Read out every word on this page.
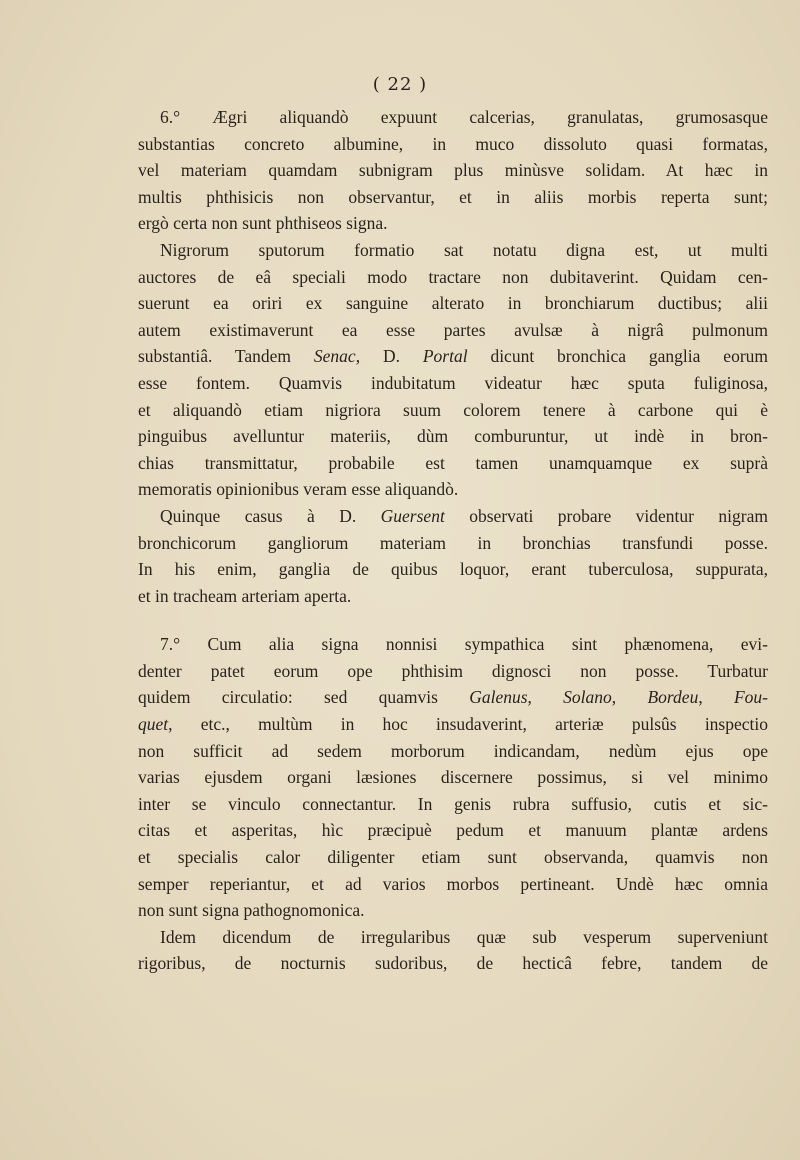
( 22 )
6.° Ægri aliquandò expuunt calcerias, granulatas, grumosasque
substantias concreto albumine, in muco dissoluto quasi formatas,
vel materiam quamdam subnigram plus minùsve solidam. At hæc in
multis phthisicis non observantur, et in aliis morbis reperta sunt;
ergò certa non sunt phthiseos signa.
Nigrorum sputorum formatio sat notatu digna est, ut multi
auctores de eâ speciali modo tractare non dubitaverint. Quidam cen-
suerunt ea oriri ex sanguine alterato in bronchiarum ductibus; alii
autem existimaverunt ea esse partes avulsæ à nigrâ pulmonum
substantiâ. Tandem Senac, D. Portal dicunt bronchica ganglia eorum
esse fontem. Quamvis indubitatum videatur hæc sputa fuliginosa,
et aliquandò etiam nigriora suum colorem tenere à carbone qui è
pinguibus avelluntur materiis, dùm comburuntur, ut indè in bron-
chias transmittatur, probabile est tamen unamquamque ex suprà
memoratis opinionibus veram esse aliquandò.
Quinque casus à D. Guersent observati probare videntur nigram
bronchicorum gangliorum materiam in bronchias transfundi posse.
In his enim, ganglia de quibus loquor, erant tuberculosa, suppurata,
et in tracheam arteriam aperta.
7.° Cum alia signa nonnisi sympathica sint phænomena, evi-
denter patet eorum ope phthisim dignosci non posse. Turbatur
quidem circulatio: sed quamvis Galenus, Solano, Bordeu, Fou-
quet, etc., multùm in hoc insudaverint, arteriæ pulsûs inspectio
non sufficit ad sedem morborum indicandam, nedùm ejus ope
varias ejusdem organi læsiones discernere possimus, si vel minimo
inter se vinculo connectantur. In genis rubra suffusio, cutis et sic-
citas et asperitas, hìc præcipuè pedum et manuum plantæ ardens
et specialis calor diligenter etiam sunt observanda, quamvis non
semper reperiantur, et ad varios morbos pertineant. Undè hæc omnia
non sunt signa pathognomonica.
Idem dicendum de irregularibus quæ sub vesperum superveniunt
rigoribus, de nocturnis sudoribus, de hecticâ febre, tandem de
